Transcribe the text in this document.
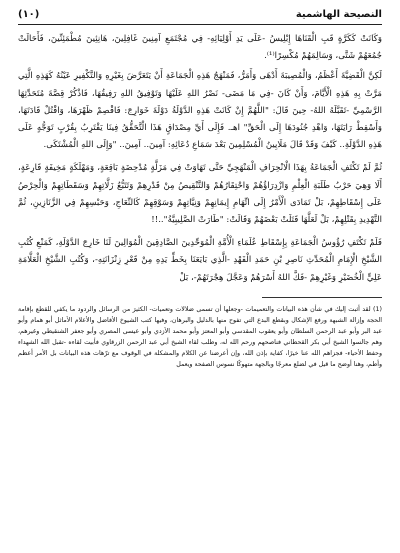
النصيحة الهاشمية
(١٠)

وَكَانَتْ كَكَرَّةٍ قَبِ الْقَنَاهَا إِبْلِيسُ -عَلَى يَدِ أَوْلِيَائِهِ- فِي مُجْتَمَعِ آمِنِينَ غَافِلِينَ، هَانِئِينَ مُطْمَئِنِّينَ، فَأَحَالَتْ جُمُعَهُمْ شَتَّى، وَسَالِمَهُمْ مُكْسِرًا⁽¹⁾.

لَكِنَّ الْقَضِيَّةَ أَعْظَمُ، وَالْمُصِيبَةَ أَدْهَى وَأَمَرُّ، فَمَنْهَجُ هَذِهِ الْجَمَاعَةِ أَنْ يَتَعَرَّضَ بِغَيْرِهِ وَالتَّكْفِيرِ عَيْنُهُ كَهَذِهِ الَّتِي مَرَّتْ بِهِ هَذِهِ الْأَيَّامَ، وَأَنْ كَانَ -فِي مَا مَضَى- نَصْرُ اللهِ عَلَيْهَا وَتَوْفِيقُ اللهِ رَفِيقُهَا، فَاذْكُرْ قِصَّةَ مُتَحَدِّثِهَا الرَّسْمِيِّ -تَقَبَّلَهُ اللهُ- حِينَ قَالَ: "اللَّهُمَّ إِنْ كَانَتْ هَذِهِ الدَّوْلَةُ دَوْلَةَ خَوَارِجَ: فَاقْصِمْ ظَهْرَهَا، وَاقْتُلْ قَادَتَهَا، وَأَسْقِطْ رَايَتَهَا، وَاهْدِ جُنُودَهَا إِلَى الْحَقِّ" اهـ. فَإِلَى أَيِّ مِصْدَاقٍ هَذَا الْتَّحَقُّقُ فِينَا يَقْتَرِبُ بِقُرْبٍ تَوَجُّهٍ عَلَى هَذِهِ الدَّوْلَةِ.. كَيْفَ وَقَدْ قَالَ مَلَايِينُ الْمُسْلِمِينَ بَعْدَ سَمَاعِ دُعَائِهِ: آمِينَ.. آمِينَ.. "وَإِلَى اللهِ الْمُشْتَكَى.

ثُمَّ لَمْ تَكْتَفِ الْجَمَاعَةُ بِهَذَا الْانْحِرَافِ الْمَنْهَجِيِّ حَتَّى تَهَاوَتْ فِي مَزَلَّةٍ مُدْحِضَةٍ بَاقِعَةٍ، وَمَهْلَكَةٍ مَخِيفَةٍ قَارِعَةٍ، أَلَا وَهِيَ حَرْبُ طَلَبَةِ الْعِلْمِ وَازْدِرَاؤُهُمْ وَاحْتِقَارُهُمْ وَالتَّنْقِيصُ مِنْ قَدْرِهِمْ وَتَتَبُّعُ زَلَّاتِهِمْ وَسَقَطَاتِهِمْ وَالْحِرْصُ عَلَى إِسْقَاطِهِمْ، بَلْ تَمَادَى الْأَمْرُ إِلَى اتِّهَامِ إِيمَانِهِمْ وَنِيَّاتِهِمْ وَسَوْقِهِمْ كَالنِّعَاجِ، وَحَبْسِهِمْ فِي الزَّنَازِينِ، ثُمَّ التَّهْدِيدِ بِقَتْلِهِمْ، بَلْ لَعَلَّهَا قَتَلَتْ بَعْضَهُمْ وَقَالَتْ: "طَارَتْ الصَّلِيبِيَّةُ"..!!

فَلَمْ تَكْتَفِ رُؤُوسُ الْجَمَاعَةِ بِإِسْقَاطِ عُلَمَاءِ الْأُمَّةِ الْمُوَحِّدِينَ الصَّادِقِينَ الْمُوَالِينَ لَنَا خَارِجَ الدَّوْلَةِ، كَمَنْعِ كُتُبِ الشَّيْخِ الْإِمَامِ الْمُحَدِّثِ نَاصِرِ بْنِ حَمَدِ الْفَهْدِ -الَّذِي بَايَعَنَا بِخَطِّ يَدِهِ مِنْ قَعْرِ زِنْزَانَتِهِ-، وَكُتُبِ الشَّيْخِ الْعَلَّامَةِ عَلِيٍّ الْخُضَيْرِ وَغَيْرِهِمْ -فَكَّ اللهُ أَسْرَهُمْ وَعَجَّلَ هِجْرَتَهُمْ-، بَلْ

(1) لقد أثبت إليك في شأن هذه البيانات والتعميمات -وجعلها أن تسمى ضلالات وتعميات- الكثيرَ من الرسائل والردود ما يكفي للقطع بإقامة الحجة وإزالة الشبهة ورفع الإشكال وبقطع البدع التي تفوح منها بالدليل والبرهان، وفيها كتب الشيوخ الأفاضل والأعلام الأماثل أبو همام وأبو عبد البر وأبو عبد الرحمن السلطان وأبو يعقوب المقدسي وأبو المعتز وأبو محمد الأزدي وأبو عيسى المصري وأبو جعفر الشنقيطي وغيرهم، وهم جالسوا الشيخ أبي بكر القحطاني فناصحهم ورحم الله له، وطلب لقاء الشيخ أبي عبد الرحمن الزرقاوي فأبيت لقاءه -تقبل الله الشهداء وحفظ الأحياء- فجزاهم الله عنا خيرًا، كفاية بإذن الله، وإن أعرضنا عن الكلام والمشكلة في الوقوف مع ترّهات هذه البيانات بل الأمر أعظم وأطم، وهنا أوضح ما قيل في لضلع معرجًا وبالجهة متهوكًا نسوس الصفحة ويعمل
